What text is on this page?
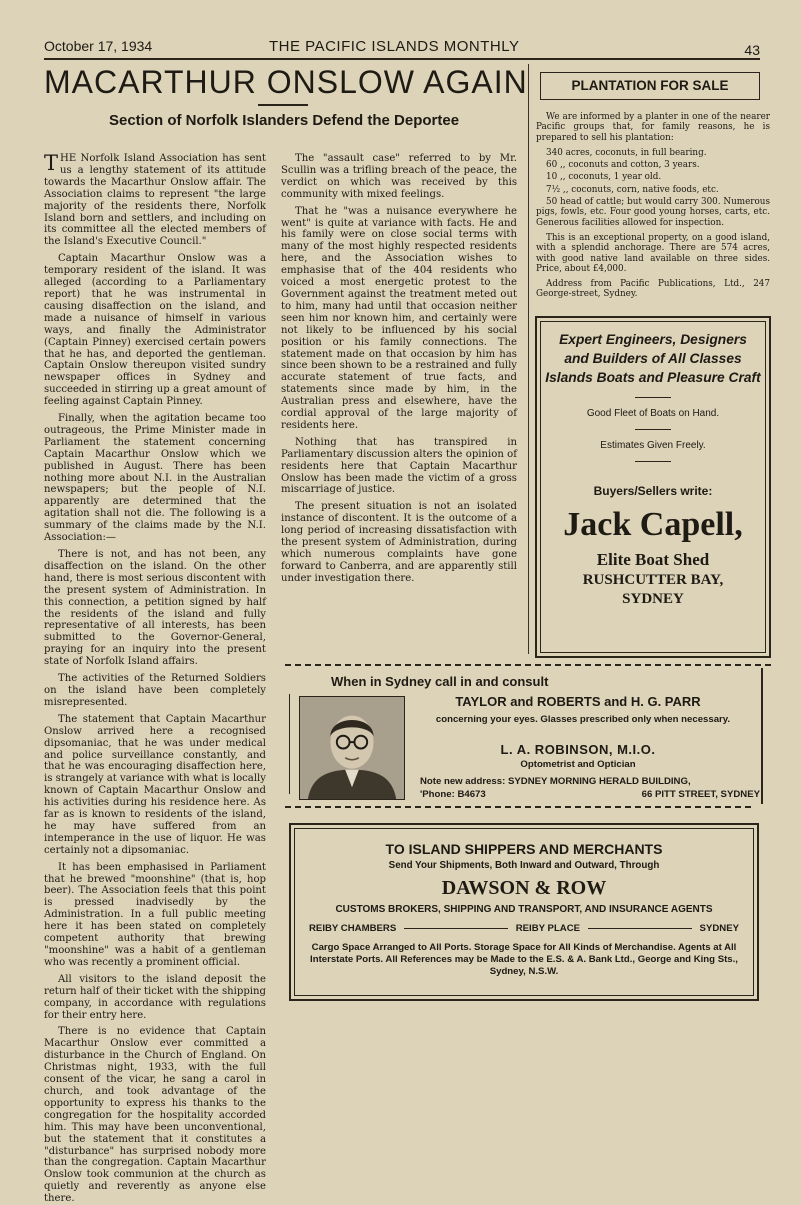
October 17, 1934	THE PACIFIC ISLANDS MONTHLY	43
MACARTHUR ONSLOW AGAIN
Section of Norfolk Islanders Defend the Deportee

THE Norfolk Island Association has sent us a lengthy statement of its attitude towards the Macarthur Onslow affair. The Association claims to represent "the large majority of the residents there, Norfolk Island born and settlers, and including on its committee all the elected members of the Island's Executive Council."

Captain Macarthur Onslow was a temporary resident of the island. It was alleged (according to a Parliamentary report) that he was instrumental in causing disaffection on the island, and made a nuisance of himself in various ways, and finally the Administrator (Captain Pinney) exercised certain powers that he has, and deported the gentleman. Captain Onslow thereupon visited sundry newspaper offices in Sydney and succeeded in stirring up a great amount of feeling against Captain Pinney.

Finally, when the agitation became too outrageous, the Prime Minister made in Parliament the statement concerning Captain Macarthur Onslow which we published in August. There has been nothing more about N.I. in the Australian newspapers; but the people of N.I. apparently are determined that the agitation shall not die. The following is a summary of the claims made by the N.I. Association:—

There is not, and has not been, any disaffection on the island. On the other hand, there is most serious discontent with the present system of Administration. In this connection, a petition signed by half the residents of the island and fully representative of all interests, has been submitted to the Governor-General, praying for an inquiry into the present state of Norfolk Island affairs.

The activities of the Returned Soldiers on the island have been completely misrepresented.

The statement that Captain Macarthur Onslow arrived here a recognised dipsomaniac, that he was under medical and police surveillance constantly, and that he was encouraging disaffection here, is strangely at variance with what is locally known of Captain Macarthur Onslow and his activities during his residence here. As far as is known to residents of the island, he may have suffered from an intemperance in the use of liquor. He was certainly not a dipsomaniac.

It has been emphasised in Parliament that he brewed "moonshine" (that is, hop beer). The Association feels that this point is pressed inadvisedly by the Administration. In a full public meeting here it has been stated on completely competent authority that brewing "moonshine" was a habit of a gentleman who was recently a prominent official.

All visitors to the island deposit the return half of their ticket with the shipping company, in accordance with regulations for their entry here.

There is no evidence that Captain Macarthur Onslow ever committed a disturbance in the Church of England. On Christmas night, 1933, with the full consent of the vicar, he sang a carol in church, and took advantage of the opportunity to express his thanks to the congregation for the hospitality accorded him. This may have been unconventional, but the statement that it constitutes a "disturbance" has surprised nobody more than the congregation. Captain Macarthur Onslow took communion at the church as quietly and reverently as anyone else there.

The "assault case" referred to by Mr. Scullin was a trifling breach of the peace, the verdict on which was received by this community with mixed feelings.

That he "was a nuisance everywhere he went" is quite at variance with facts. He and his family were on close social terms with many of the most highly respected residents here, and the Association wishes to emphasise that of the 404 residents who voiced a most energetic protest to the Government against the treatment meted out to him, many had until that occasion neither seen him nor known him, and certainly were not likely to be influenced by his social position or his family connections. The statement made on that occasion by him has since been shown to be a restrained and fully accurate statement of true facts, and statements since made by him, in the Australian press and elsewhere, have the cordial approval of the large majority of residents here.

Nothing that has transpired in Parliamentary discussion alters the opinion of residents here that Captain Macarthur Onslow has been made the victim of a gross miscarriage of justice.

The present situation is not an isolated instance of discontent. It is the outcome of a long period of increasing dissatisfaction with the present system of Administration, during which numerous complaints have gone forward to Canberra, and are apparently still under investigation there.

PLANTATION FOR SALE

We are informed by a planter in one of the nearer Pacific groups that, for family reasons, he is prepared to sell his plantation:

340 acres, coconuts, in full bearing.
60 ,, coconuts and cotton, 3 years.
10 ,, coconuts, 1 year old.
7½ ,, coconuts, corn, native foods, etc.

50 head of cattle; but would carry 300. Numerous pigs, fowls, etc. Four good young horses, carts, etc. Generous facilities allowed for inspection.

This is an exceptional property, on a good island, with a splendid anchorage. There are 574 acres, with good native land available on three sides. Price, about £4,000.

Address from Pacific Publications, Ltd., 247 George-street, Sydney.

Expert Engineers, Designers and Builders of All Classes Islands Boats and Pleasure Craft
Good Fleet of Boats on Hand.
Estimates Given Freely.
Buyers/Sellers write:
Jack Capell,
Elite Boat Shed
RUSHCUTTER BAY,
SYDNEY
When in Sydney call in and consult
TAYLOR and ROBERTS and H. G. PARR
concerning your eyes. Glasses prescribed only when necessary.
L. A. ROBINSON, M.I.O.
Optometrist and Optician
Note new address: SYDNEY MORNING HERALD BUILDING,
'Phone: B4673	66 PITT STREET, SYDNEY
TO ISLAND SHIPPERS AND MERCHANTS
Send Your Shipments, Both Inward and Outward, Through
DAWSON & ROW
CUSTOMS BROKERS, SHIPPING AND TRANSPORT, AND INSURANCE AGENTS
REIBY CHAMBERS	REIBY PLACE	SYDNEY
Cargo Space Arranged to All Ports. Storage Space for All Kinds of Merchandise. Agents at All Interstate Ports. All References may be Made to the E.S. & A. Bank Ltd., George and King Sts., Sydney, N.S.W.
